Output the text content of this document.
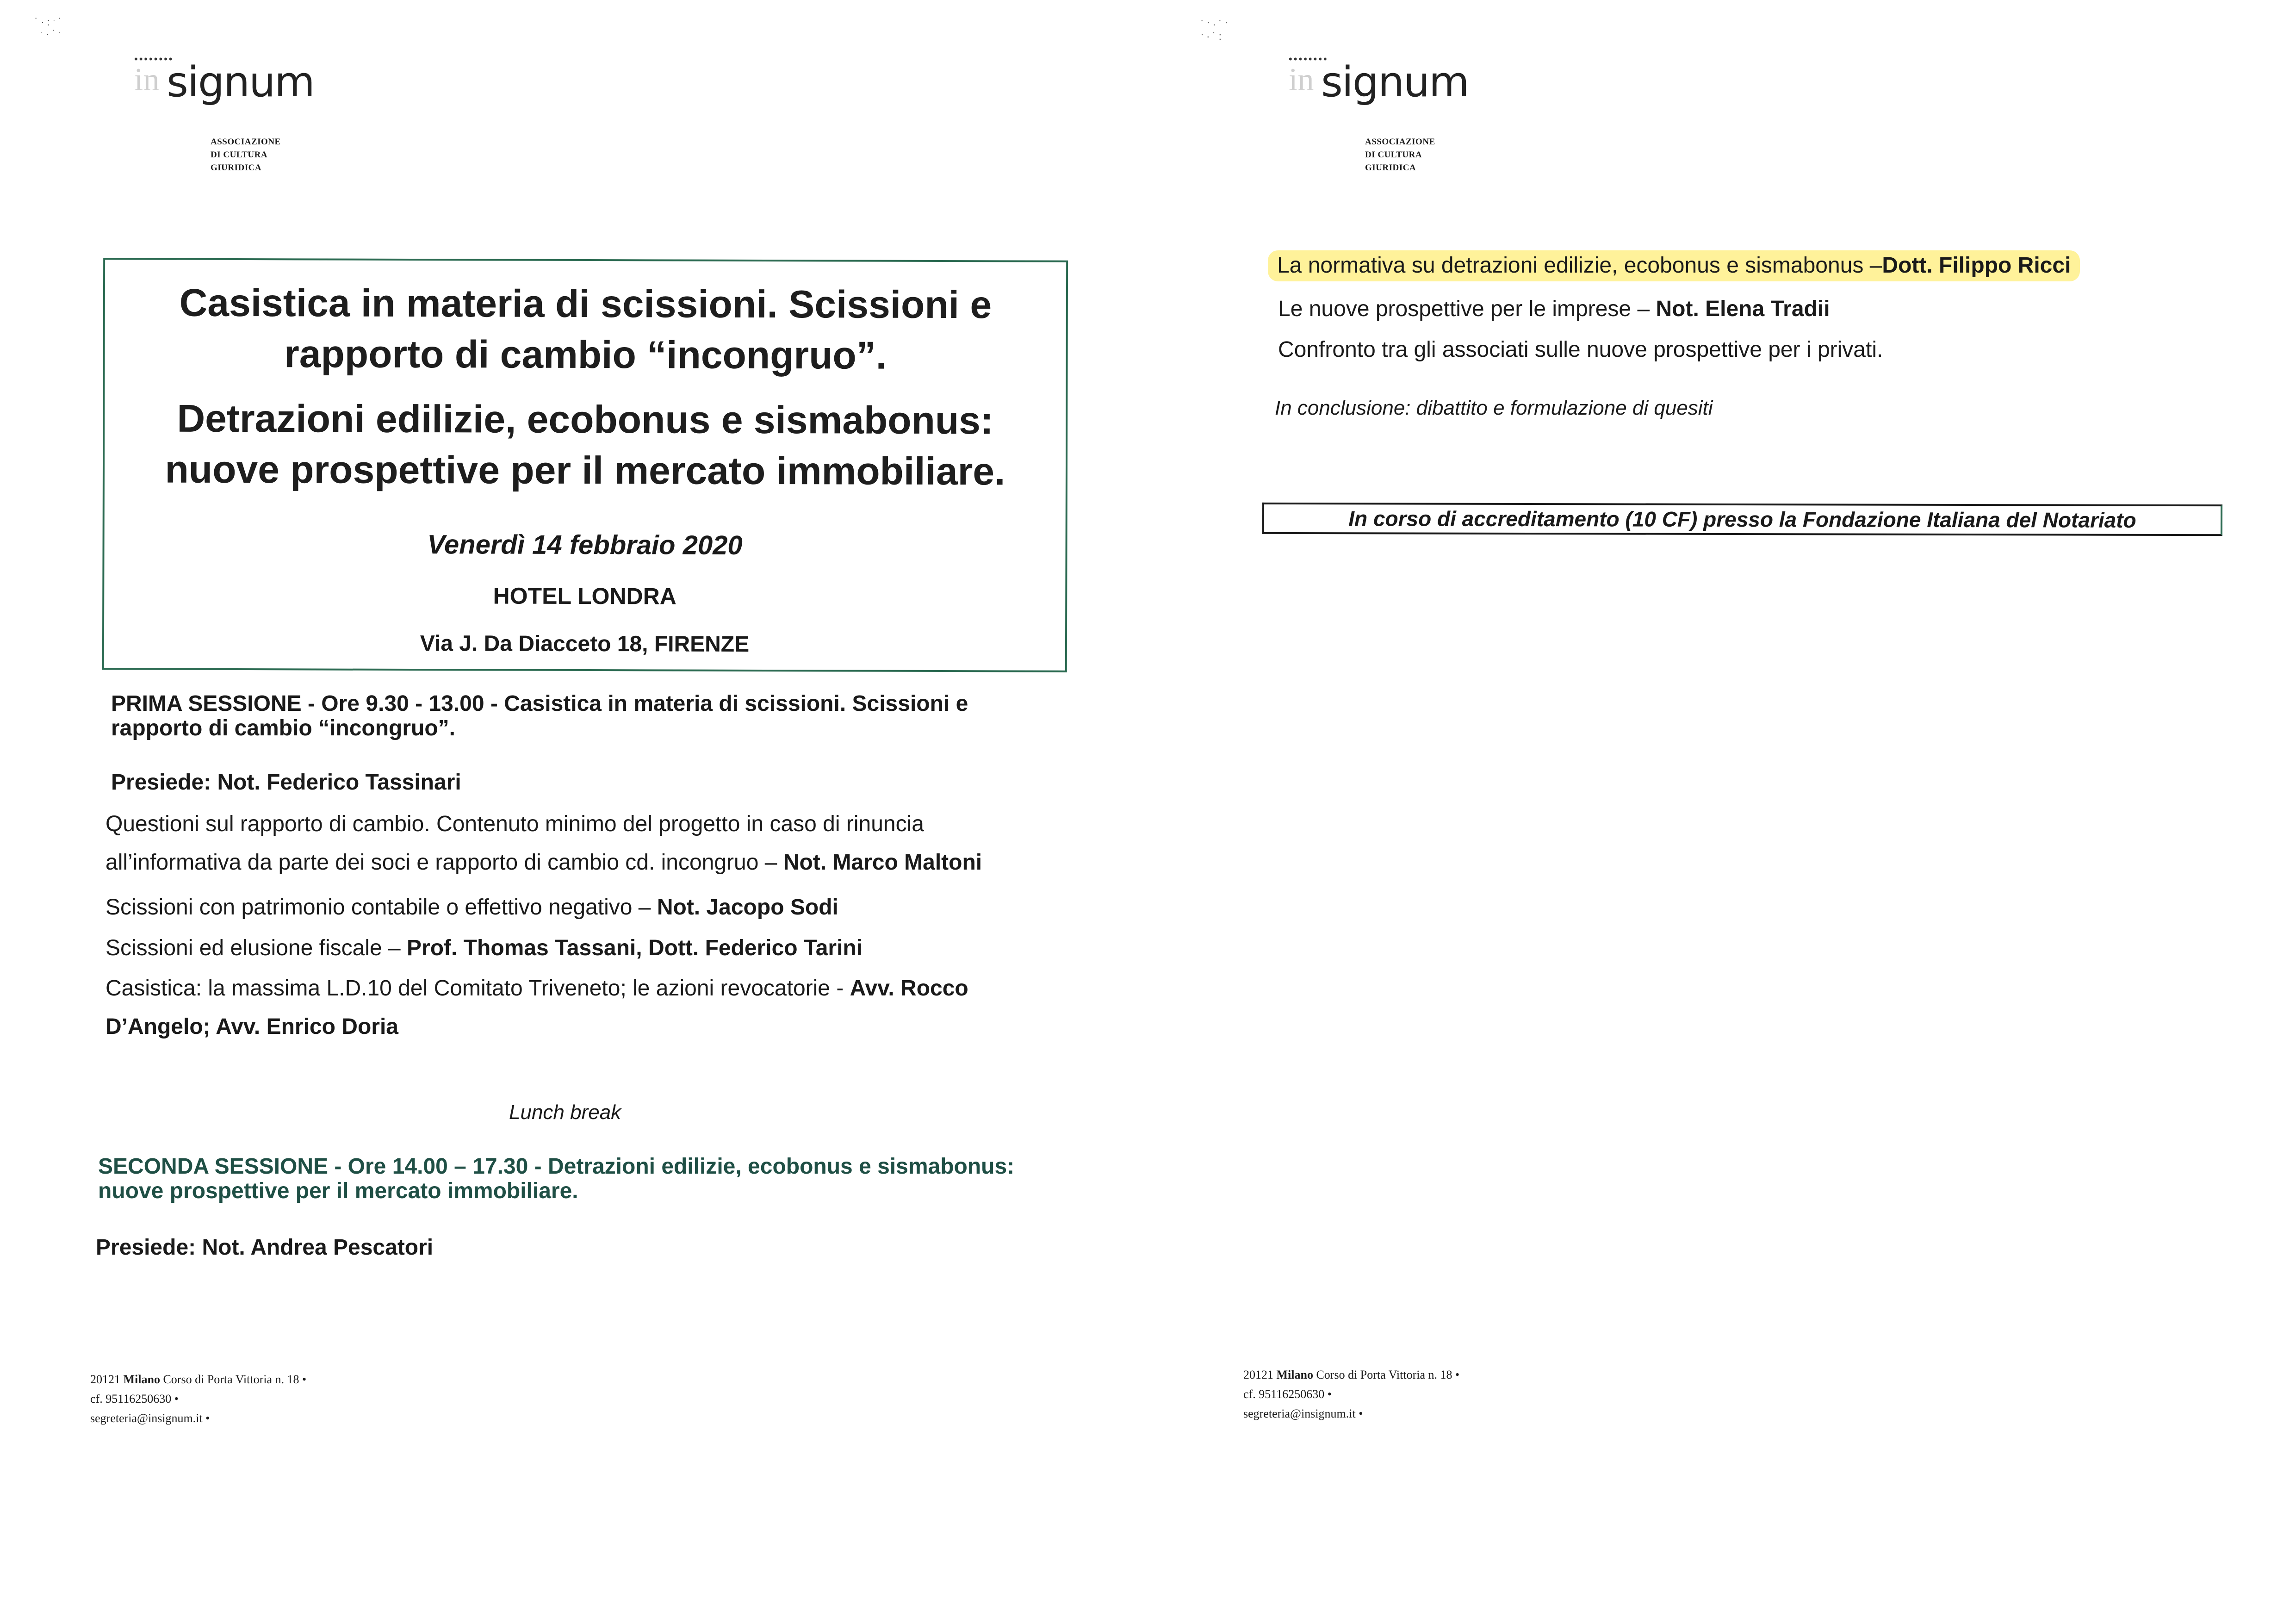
˙·:ˑ˙
ˑ·˙ˑ
••••••••
in signum
ASSOCIAZIONE
DI CULTURA GIURIDICA
Casistica in materia di scissioni. Scissioni e
rapporto di cambio “incongruo”.
Detrazioni edilizie, ecobonus e sismabonus:
nuove prospettive per il mercato immobiliare.
Venerdì 14 febbraio 2020
HOTEL LONDRA
Via J. Da Diacceto 18, FIRENZE
PRIMA SESSIONE - Ore 9.30 - 13.00 - Casistica in materia di scissioni. Scissioni e
rapporto di cambio “incongruo”.
Presiede: Not. Federico Tassinari
Questioni sul rapporto di cambio. Contenuto minimo del progetto in caso di rinuncia
all’informativa da parte dei soci e rapporto di cambio cd. incongruo – Not. Marco Maltoni
Scissioni con patrimonio contabile o effettivo negativo – Not. Jacopo Sodi
Scissioni ed elusione fiscale – Prof. Thomas Tassani, Dott. Federico Tarini
Casistica: la massima L.D.10 del Comitato Triveneto; le azioni revocatorie - Avv. Rocco
D’Angelo; Avv. Enrico Doria
Lunch break
SECONDA SESSIONE - Ore 14.00 – 17.30 - Detrazioni edilizie, ecobonus e sismabonus:
nuove prospettive per il mercato immobiliare.
Presiede: Not. Andrea Pescatori
20121 Milano Corso di Porta Vittoria n. 18 •
cf. 95116250630 •
segreteria@insignum.it •
˙ˑ·˙ˑ
ˑ·˙:
••••••••
in signum
ASSOCIAZIONE
DI CULTURA GIURIDICA
La normativa su detrazioni edilizie, ecobonus e sismabonus –Dott. Filippo Ricci
Le nuove prospettive per le imprese – Not. Elena Tradii
Confronto tra gli associati sulle nuove prospettive per i privati.
In conclusione: dibattito e formulazione di quesiti
In corso di accreditamento (10 CF) presso la Fondazione Italiana del Notariato
20121 Milano Corso di Porta Vittoria n. 18 •
cf. 95116250630 •
segreteria@insignum.it •
